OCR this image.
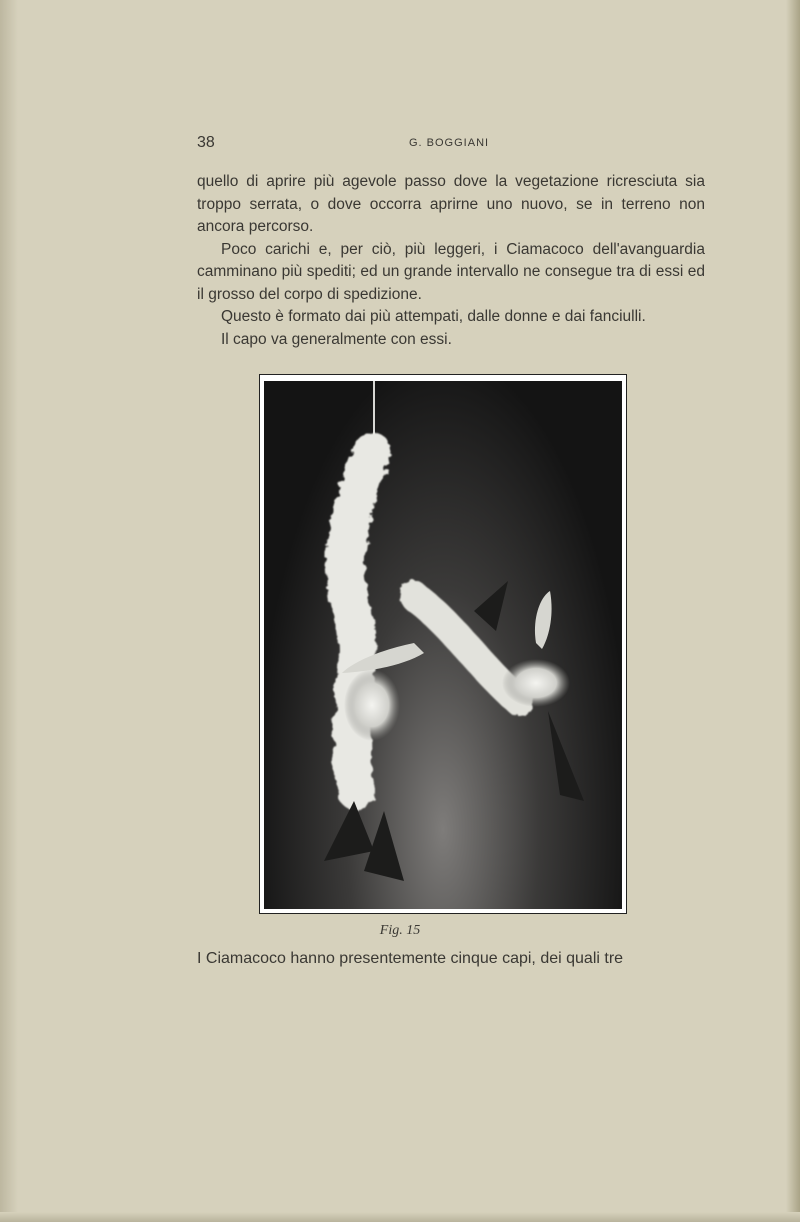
38	G. BOGGIANI

quello di aprire più agevole passo dove la vegetazione ricresciuta sia troppo serrata, o dove occorra aprirne uno nuovo, se in terreno non ancora percorso.

Poco carichi e, per ciò, più leggeri, i Ciamacoco dell'avanguardia camminano più spediti; ed un grande intervallo ne consegue tra di essi ed il grosso del corpo di spedizione.

Questo è formato dai più attempati, dalle donne e dai fanciulli.

Il capo va generalmente con essi.

Fig. 15
I Ciamacoco hanno presentemente cinque capi, dei quali tre
